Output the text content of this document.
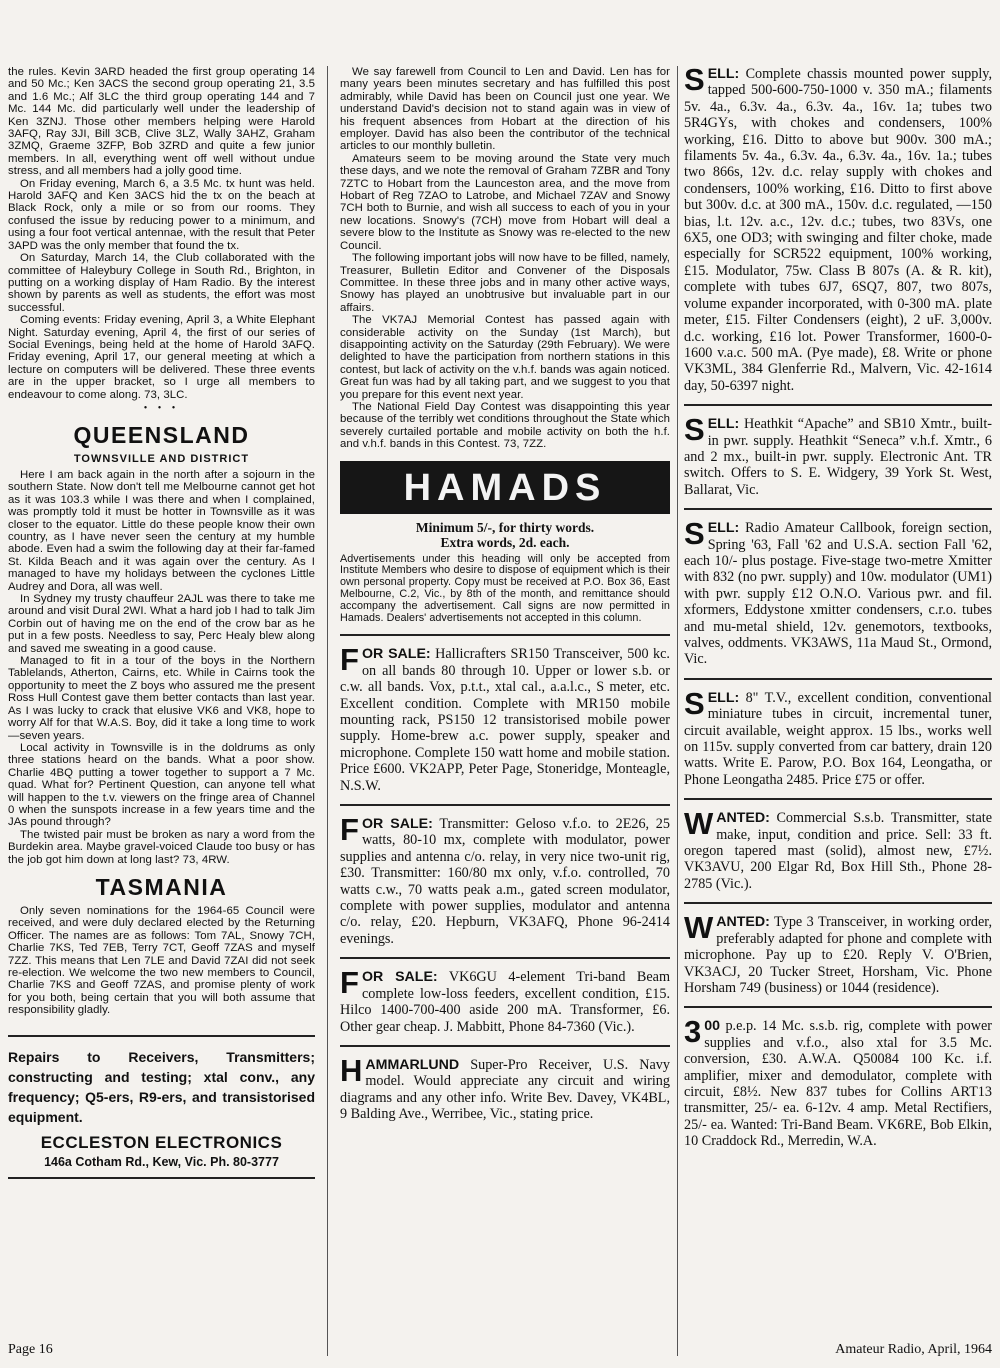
the rules. Kevin 3ARD headed the first group operating 14 and 50 Mc.; Ken 3ACS the second group operating 21, 3.5 and 1.6 Mc.; Alf 3LC the third group operating 144 and 7 Mc. 144 Mc. did particularly well under the leadership of Ken 3ZNJ. Those other members helping were Harold 3AFQ, Ray 3JI, Bill 3CB, Clive 3LZ, Wally 3AHZ, Graham 3ZMQ, Graeme 3ZFP, Bob 3ZRD and quite a few junior members. In all, everything went off well without undue stress, and all members had a jolly good time.

On Friday evening, March 6, a 3.5 Mc. tx hunt was held. Harold 3AFQ and Ken 3ACS hid the tx on the beach at Black Rock, only a mile or so from our rooms. They confused the issue by reducing power to a minimum, and using a four foot vertical antennae, with the result that Peter 3APD was the only member that found the tx.

On Saturday, March 14, the Club collaborated with the committee of Haleybury College in South Rd., Brighton, in putting on a working display of Ham Radio. By the interest shown by parents as well as students, the effort was most successful.

Coming events: Friday evening, April 3, a White Elephant Night. Saturday evening, April 4, the first of our series of Social Evenings, being held at the home of Harold 3AFQ. Friday evening, April 17, our general meeting at which a lecture on computers will be delivered. These three events are in the upper bracket, so I urge all members to endeavour to come along. 73, 3LC.

• • •
QUEENSLAND
TOWNSVILLE AND DISTRICT

Here I am back again in the north after a sojourn in the southern State. Now don't tell me Melbourne cannot get hot as it was 103.3 while I was there and when I complained, was promptly told it must be hotter in Townsville as it was closer to the equator. Little do these people know their own country, as I have never seen the century at my humble abode. Even had a swim the following day at their far-famed St. Kilda Beach and it was again over the century. As I managed to have my holidays between the cyclones Little Audrey and Dora, all was well.

In Sydney my trusty chauffeur 2AJL was there to take me around and visit Dural 2WI. What a hard job I had to talk Jim Corbin out of having me on the end of the crow bar as he put in a few posts. Needless to say, Perc Healy blew along and saved me sweating in a good cause.

Managed to fit in a tour of the boys in the Northern Tablelands, Atherton, Cairns, etc. While in Cairns took the opportunity to meet the Z boys who assured me the present Ross Hull Contest gave them better contacts than last year. As I was lucky to crack that elusive VK6 and VK8, hope to worry Alf for that W.A.S. Boy, did it take a long time to work—seven years.

Local activity in Townsville is in the doldrums as only three stations heard on the bands. What a poor show. Charlie 4BQ putting a tower together to support a 7 Mc. quad. What for? Pertinent Question, can anyone tell what will happen to the t.v. viewers on the fringe area of Channel 0 when the sunspots increase in a few years time and the JAs pound through?

The twisted pair must be broken as nary a word from the Burdekin area. Maybe gravel-voiced Claude too busy or has the job got him down at long last? 73, 4RW.

TASMANIA

Only seven nominations for the 1964-65 Council were received, and were duly declared elected by the Returning Officer. The names are as follows: Tom 7AL, Snowy 7CH, Charlie 7KS, Ted 7EB, Terry 7CT, Geoff 7ZAS and myself 7ZZ. This means that Len 7LE and David 7ZAI did not seek re-election. We welcome the two new members to Council, Charlie 7KS and Geoff 7ZAS, and promise plenty of work for you both, being certain that you will both assume that responsibility gladly.

Repairs to Receivers, Transmitters; constructing and testing; xtal conv., any frequency; Q5-ers, R9-ers, and transistorised equipment.

ECCLESTON ELECTRONICS
146a Cotham Rd., Kew, Vic. Ph. 80-3777

We say farewell from Council to Len and David. Len has for many years been minutes secretary and has fulfilled this post admirably, while David has been on Council just one year. We understand David's decision not to stand again was in view of his frequent absences from Hobart at the direction of his employer. David has also been the contributor of the technical articles to our monthly bulletin.

Amateurs seem to be moving around the State very much these days, and we note the removal of Graham 7ZBR and Tony 7ZTC to Hobart from the Launceston area, and the move from Hobart of Reg 7ZAO to Latrobe, and Michael 7ZAV and Snowy 7CH both to Burnie, and wish all success to each of you in your new locations. Snowy's (7CH) move from Hobart will deal a severe blow to the Institute as Snowy was re-elected to the new Council.

The following important jobs will now have to be filled, namely, Treasurer, Bulletin Editor and Convener of the Disposals Committee. In these three jobs and in many other active ways, Snowy has played an unobtrusive but invaluable part in our affairs.

The VK7AJ Memorial Contest has passed again with considerable activity on the Sunday (1st March), but disappointing activity on the Saturday (29th February). We were delighted to have the participation from northern stations in this contest, but lack of activity on the v.h.f. bands was again noticed. Great fun was had by all taking part, and we suggest to you that you prepare for this event next year.

The National Field Day Contest was disappointing this year because of the terribly wet conditions throughout the State which severely curtailed portable and mobile activity on both the h.f. and v.h.f. bands in this Contest. 73, 7ZZ.

HAMADS
Minimum 5/-, for thirty words.
Extra words, 2d. each.

Advertisements under this heading will only be accepted from Institute Members who desire to dispose of equipment which is their own personal property. Copy must be received at P.O. Box 36, East Melbourne, C.2, Vic., by 8th of the month, and remittance should accompany the advertisement. Call signs are now permitted in Hamads. Dealers' advertisements not accepted in this column.

FOR SALE: Hallicrafters SR150 Transceiver, 500 kc. on all bands 80 through 10. Upper or lower s.b. or c.w. all bands. Vox, p.t.t., xtal cal., a.a.l.c., S meter, etc. Excellent condition. Complete with MR150 mobile mounting rack, PS150 12 transistorised mobile power supply. Home-brew a.c. power supply, speaker and microphone. Complete 150 watt home and mobile station. Price £600. VK2APP, Peter Page, Stoneridge, Monteagle, N.S.W.

FOR SALE: Transmitter: Geloso v.f.o. to 2E26, 25 watts, 80-10 mx, complete with modulator, power supplies and antenna c/o. relay, in very nice two-unit rig, £30. Transmitter: 160/80 mx only, v.f.o. controlled, 70 watts c.w., 70 watts peak a.m., gated screen modulator, complete with power supplies, modulator and antenna c/o. relay, £20. Hepburn, VK3AFQ, Phone 96-2414 evenings.

FOR SALE: VK6GU 4-element Tri-band Beam complete low-loss feeders, excellent condition, £15. Hilco 1400-700-400 aside 200 mA. Transformer, £6. Other gear cheap. J. Mabbitt, Phone 84-7360 (Vic.).

HAMMARLUND Super-Pro Receiver, U.S. Navy model. Would appreciate any circuit and wiring diagrams and any other info. Write Bev. Davey, VK4BL, 9 Balding Ave., Werribee, Vic., stating price.

SELL: Complete chassis mounted power supply, tapped 500-600-750-1000 v. 350 mA.; filaments 5v. 4a., 6.3v. 4a., 6.3v. 4a., 16v. 1a; tubes two 5R4GYs, with chokes and condensers, 100% working, £16. Ditto to above but 900v. 300 mA.; filaments 5v. 4a., 6.3v. 4a., 6.3v. 4a., 16v. 1a.; tubes two 866s, 12v. d.c. relay supply with chokes and condensers, 100% working, £16. Ditto to first above but 300v. d.c. at 300 mA., 150v. d.c. regulated, —150 bias, l.t. 12v. a.c., 12v. d.c.; tubes, two 83Vs, one 6X5, one OD3; with swinging and filter choke, made especially for SCR522 equipment, 100% working, £15. Modulator, 75w. Class B 807s (A. & R. kit), complete with tubes 6J7, 6SQ7, 807, two 807s, volume expander incorporated, with 0-300 mA. plate meter, £15. Filter Condensers (eight), 2 uF. 3,000v. d.c. working, £16 lot. Power Transformer, 1600-0-1600 v.a.c. 500 mA. (Pye made), £8. Write or phone VK3ML, 384 Glenferrie Rd., Malvern, Vic. 42-1614 day, 50-6397 night.

SELL: Heathkit “Apache” and SB10 Xmtr., built-in pwr. supply. Heathkit “Seneca” v.h.f. Xmtr., 6 and 2 mx., built-in pwr. supply. Electronic Ant. TR switch. Offers to S. E. Widgery, 39 York St. West, Ballarat, Vic.

SELL: Radio Amateur Callbook, foreign section, Spring '63, Fall '62 and U.S.A. section Fall '62, each 10/- plus postage. Five-stage two-metre Xmitter with 832 (no pwr. supply) and 10w. modulator (UM1) with pwr. supply £12 O.N.O. Various pwr. and fil. xformers, Eddystone xmitter condensers, c.r.o. tubes and mu-metal shield, 12v. genemotors, textbooks, valves, oddments. VK3AWS, 11a Maud St., Ormond, Vic.

SELL: 8" T.V., excellent condition, conventional miniature tubes in circuit, incremental tuner, circuit available, weight approx. 15 lbs., works well on 115v. supply converted from car battery, drain 120 watts. Write E. Parow, P.O. Box 164, Leongatha, or Phone Leongatha 2485. Price £75 or offer.

WANTED: Commercial S.s.b. Transmitter, state make, input, condition and price. Sell: 33 ft. oregon tapered mast (solid), almost new, £7½. VK3AVU, 200 Elgar Rd, Box Hill Sth., Phone 28-2785 (Vic.).

WANTED: Type 3 Transceiver, in working order, preferably adapted for phone and complete with microphone. Pay up to £20. Reply V. O'Brien, VK3ACJ, 20 Tucker Street, Horsham, Vic. Phone Horsham 749 (business) or 1044 (residence).

3 00 p.e.p. 14 Mc. s.s.b. rig, complete with power supplies and v.f.o., also xtal for 3.5 Mc. conversion, £30. A.W.A. Q50084 100 Kc. i.f. amplifier, mixer and demodulator, complete with circuit, £8½. New 837 tubes for Collins ART13 transmitter, 25/- ea. 6-12v. 4 amp. Metal Rectifiers, 25/- ea. Wanted: Tri-Band Beam. VK6RE, Bob Elkin, 10 Craddock Rd., Merredin, W.A.

Page 16	Amateur Radio, April, 1964
